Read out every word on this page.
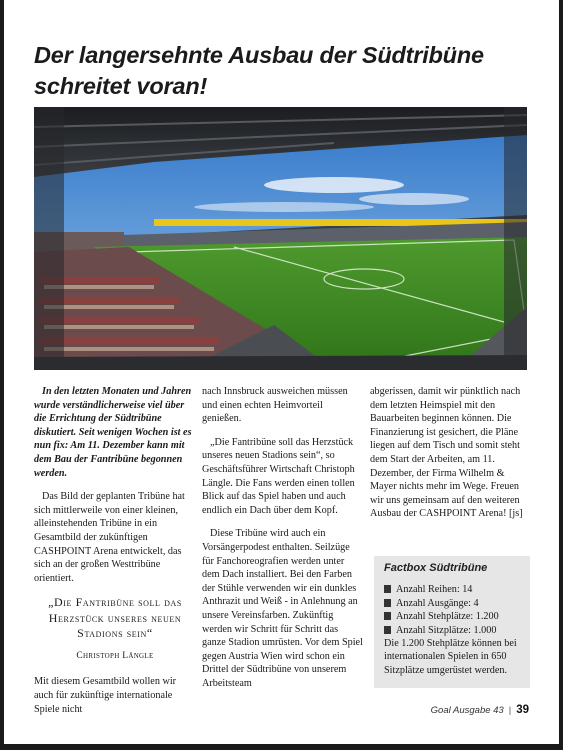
Der langersehnte Ausbau der Südtribüne schreitet voran!

In den letzten Monaten und Jahren wurde verständlicherweise viel über die Errichtung der Südtribüne diskutiert. Seit wenigen Wochen ist es nun fix: Am 11. Dezember kann mit dem Bau der Fantribüne begonnen werden.

Das Bild der geplanten Tribüne hat sich mittlerweile von einer kleinen, alleinstehenden Tribüne in ein Gesamtbild der zukünftigen CASHPOINT Arena entwickelt, das sich an der großen Westtribüne orientiert.

„Die Fantribüne soll das Herzstück unseres neuen Stadions sein“
Christoph Längle

Mit diesem Gesamtbild wollen wir auch für zukünftige internationale Spiele nicht

nach Innsbruck ausweichen müssen und einen echten Heimvorteil genießen.

„Die Fantribüne soll das Herzstück unseres neuen Stadions sein“, so Geschäftsführer Wirtschaft Christoph Längle. Die Fans werden einen tollen Blick auf das Spiel haben und auch endlich ein Dach über dem Kopf.

Diese Tribüne wird auch ein Vorsängerpodest enthalten. Seilzüge für Fanchoreografien werden unter dem Dach installiert. Bei den Farben der Stühle verwenden wir ein dunkles Anthrazit und Weiß - in Anlehnung an unsere Vereinsfarben. Zukünftig werden wir Schritt für Schritt das ganze Stadion umrüsten. Vor dem Spiel gegen Austria Wien wird schon ein Drittel der Südtribüne von unserem Arbeitsteam

abgerissen, damit wir pünktlich nach dem letzten Heimspiel mit den Bauarbeiten beginnen können. Die Finanzierung ist gesichert, die Pläne liegen auf dem Tisch und somit steht dem Start der Arbeiten, am 11. Dezember, der Firma Wilhelm & Mayer nichts mehr im Wege. Freuen wir uns gemeinsam auf den weiteren Ausbau der CASHPOINT Arena! [js]

Factbox Südtribüne
Anzahl Reihen: 14
Anzahl Ausgänge: 4
Anzahl Stehplätze: 1.200
Anzahl Sitzplätze: 1.000
Die 1.200 Stehplätze können bei internationalen Spielen in 650 Sitzplätze umgerüstet werden.
Goal Ausgabe 43 | 39
